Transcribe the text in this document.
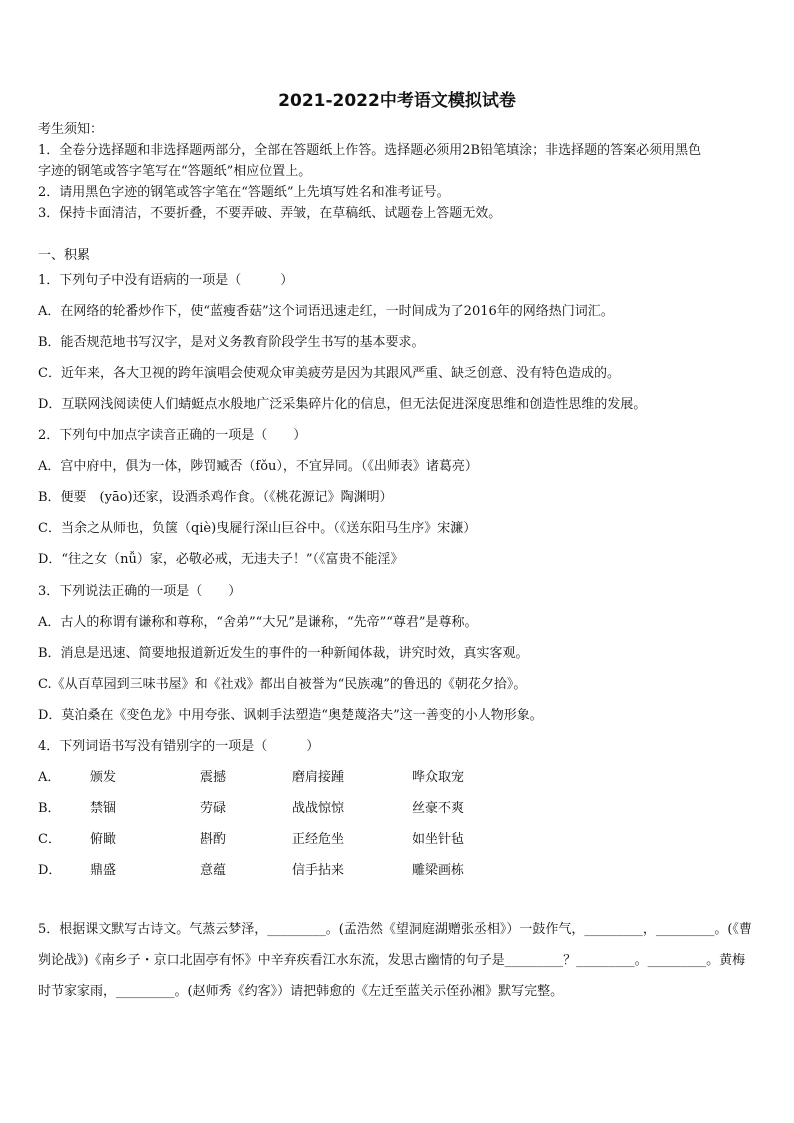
2021-2022中考语文模拟试卷
考生须知：
1．全卷分选择题和非选择题两部分，全部在答题纸上作答。选择题必须用2B铅笔填涂；非选择题的答案必须用黑色
字迹的钢笔或答字笔写在“答题纸”相应位置上。
2．请用黑色字迹的钢笔或答字笔在“答题纸”上先填写姓名和准考证号。
3．保持卡面清洁，不要折叠，不要弄破、弄皱，在草稿纸、试题卷上答题无效。
一、积累
1．下列句子中没有语病的一项是（　　　）
A．在网络的轮番炒作下，使“蓝瘦香菇”这个词语迅速走红，一时间成为了2016年的网络热门词汇。
B．能否规范地书写汉字，是对义务教育阶段学生书写的基本要求。
C．近年来，各大卫视的跨年演唱会使观众审美疲劳是因为其跟风严重、缺乏创意、没有特色造成的。
D．互联网浅阅读使人们蜻蜓点水般地广泛采集碎片化的信息，但无法促进深度思维和创造性思维的发展。
2．下列句中加点字读音正确的一项是（　　）
A．宫中府中，俱为一体，陟罚臧否（fǒu），不宜异同。（《出师表》诸葛亮）
B．便要　(yāo)还家，设酒杀鸡作食。（《桃花源记》陶渊明）
C．当余之从师也，负箧（qiè)曳屣行深山巨谷中。（《送东阳马生序》宋濂）
D．“往之女（nǚ）家，必敬必戒，无违夫子！”（《富贵不能淫》
3．下列说法正确的一项是（　　）
A．古人的称谓有谦称和尊称，“舍弟”“大兄”是谦称，“先帝”“尊君”是尊称。
B．消息是迅速、简要地报道新近发生的事件的一种新闻体裁，讲究时效，真实客观。
C.《从百草园到三味书屋》和《社戏》都出自被誉为“民族魂”的鲁迅的《朝花夕拾》。
D．莫泊桑在《变色龙》中用夸张、讽刺手法塑造“奥楚蔑洛夫”这一善变的小人物形象。
4．下列词语书写没有错别字的一项是（　　　）
A． 颁发	震撼	磨肩接踵	哗众取宠
B． 禁锢	劳碌	战战惊惊	丝豪不爽
C． 俯瞰	斟酌	正经危坐	如坐针毡
D． 鼎盛	意蕴	信手拈来	雕梁画栋
5．根据课文默写古诗文。气蒸云梦泽，_________。(孟浩然《望洞庭湖赠张丞相》）一鼓作气，_________，_________。(《曹刿论战》)《南乡子・京口北固亭有怀》中辛弃疾看江水东流，发思古幽情的句子是_________？_________。_________。黄梅时节家家雨，_________。(赵师秀《约客》）请把韩愈的《左迁至蓝关示侄孙湘》默写完整。
